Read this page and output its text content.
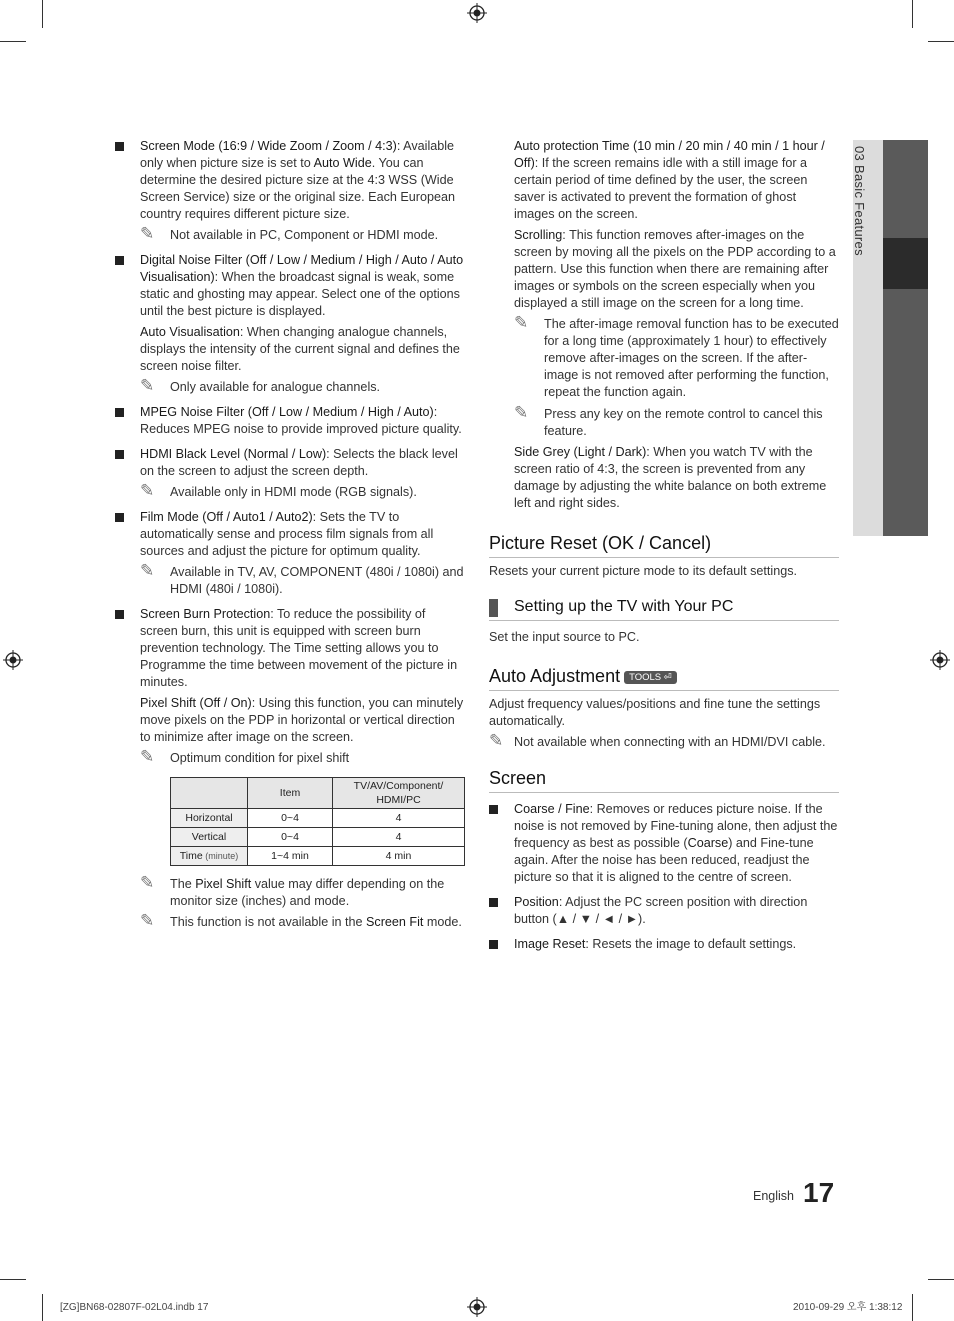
03 Basic Features

Screen Mode (16:9 / Wide Zoom / Zoom / 4:3): Available only when picture size is set to Auto Wide. You can determine the desired picture size at the 4:3 WSS (Wide Screen Service) size or the original size. Each European country requires different picture size.

✎ Not available in PC, Component or HDMI mode.

Digital Noise Filter (Off / Low / Medium / High / Auto / Auto Visualisation): When the broadcast signal is weak, some static and ghosting may appear. Select one of the options until the best picture is displayed.

Auto Visualisation: When changing analogue channels, displays the intensity of the current signal and defines the screen noise filter.

✎ Only available for analogue channels.

MPEG Noise Filter (Off / Low / Medium / High / Auto): Reduces MPEG noise to provide improved picture quality.

HDMI Black Level (Normal / Low): Selects the black level on the screen to adjust the screen depth.

✎ Available only in HDMI mode (RGB signals).

Film Mode (Off / Auto1 / Auto2): Sets the TV to automatically sense and process film signals from all sources and adjust the picture for optimum quality.

✎ Available in TV, AV, COMPONENT (480i / 1080i) and HDMI (480i / 1080i).

Screen Burn Protection: To reduce the possibility of screen burn, this unit is equipped with screen burn prevention technology. The Time setting allows you to Programme the time between movement of the picture in minutes.

Pixel Shift (Off / On): Using this function, you can minutely move pixels on the PDP in horizontal or vertical direction to minimize after image on the screen.

✎ Optimum condition for pixel shift
	Item	TV/AV/Component/ HDMI/PC
Horizontal	0~4	4
Vertical	0~4	4
Time (minute)	1~4 min	4 min
✎ The Pixel Shift value may differ depending on the monitor size (inches) and mode.
✎ This function is not available in the Screen Fit mode.

Auto protection Time (10 min / 20 min / 40 min / 1 hour / Off): If the screen remains idle with a still image for a certain period of time defined by the user, the screen saver is activated to prevent the formation of ghost images on the screen.

Scrolling: This function removes after-images on the screen by moving all the pixels on the PDP according to a pattern. Use this function when there are remaining after images or symbols on the screen especially when you displayed a still image on the screen for a long time.

✎ The after-image removal function has to be executed for a long time (approximately 1 hour) to effectively remove after-images on the screen. If the after-image is not removed after performing the function, repeat the function again.
✎ Press any key on the remote control to cancel this feature.

Side Grey (Light / Dark): When you watch TV with the screen ratio of 4:3, the screen is prevented from any damage by adjusting the white balance on both extreme left and right sides.

Picture Reset (OK / Cancel)

Resets your current picture mode to its default settings.

Setting up the TV with Your PC

Set the input source to PC.

Auto Adjustment TOOLS ⏎

Adjust frequency values/positions and fine tune the settings automatically.

✎ Not available when connecting with an HDMI/DVI cable.
Screen

Coarse / Fine: Removes or reduces picture noise. If the noise is not removed by Fine-tuning alone, then adjust the frequency as best as possible (Coarse) and Fine-tune again. After the noise has been reduced, readjust the picture so that it is aligned to the centre of screen.

Position: Adjust the PC screen position with direction button (▲ / ▼ / ◄ / ►).

Image Reset: Resets the image to default settings.

English 17
[ZG]BN68-02807F-02L04.indb 17	2010-09-29 오후 1:38:12
